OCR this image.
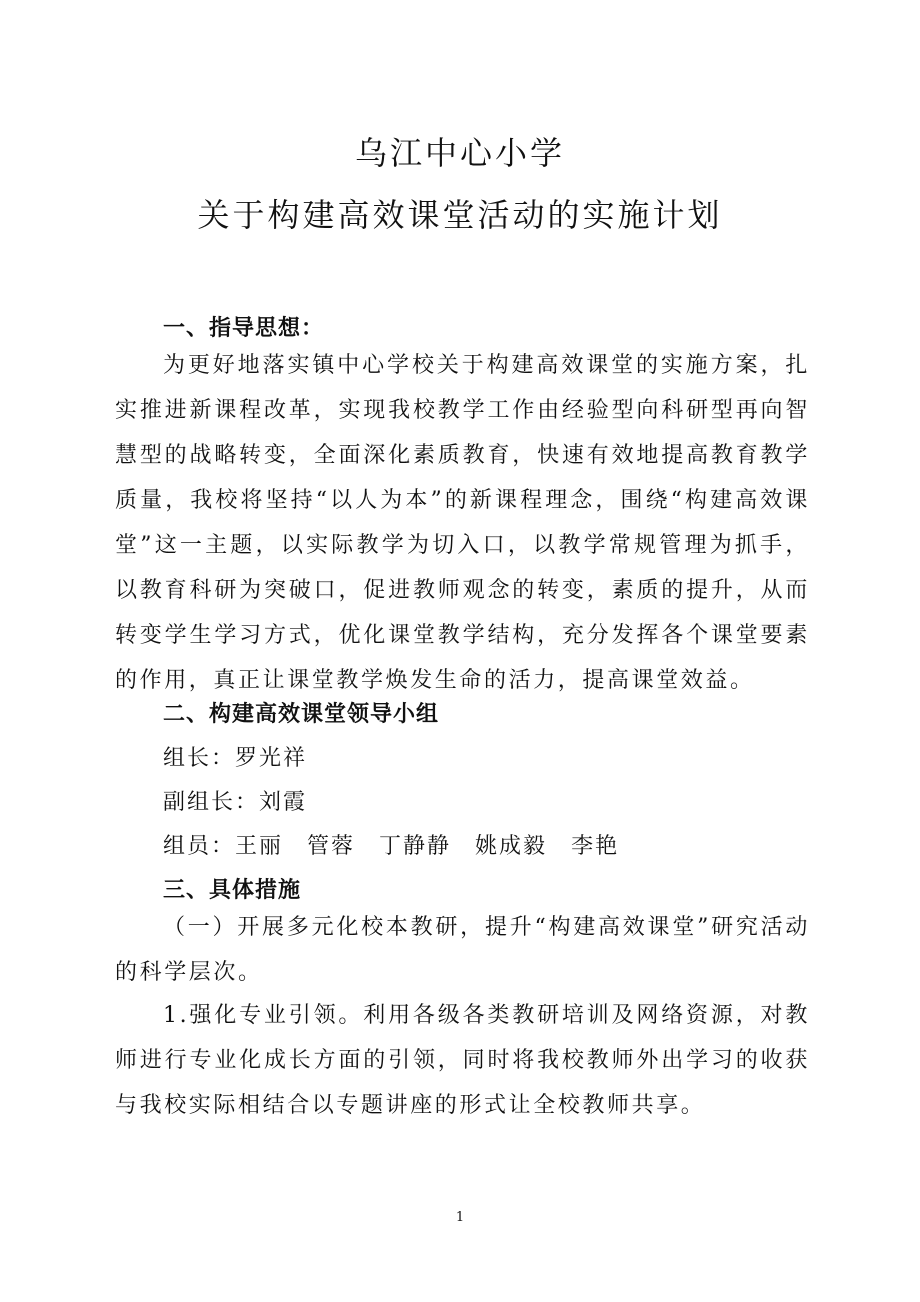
乌江中心小学
关于构建高效课堂活动的实施计划
一、指导思想：

为更好地落实镇中心学校关于构建高效课堂的实施方案，扎实推进新课程改革，实现我校教学工作由经验型向科研型再向智慧型的战略转变，全面深化素质教育，快速有效地提高教育教学质量，我校将坚持“以人为本”的新课程理念，围绕“构建高效课堂”这一主题，以实际教学为切入口，以教学常规管理为抓手，以教育科研为突破口，促进教师观念的转变，素质的提升，从而转变学生学习方式，优化课堂教学结构，充分发挥各个课堂要素的作用，真正让课堂教学焕发生命的活力，提高课堂效益。

二、构建高效课堂领导小组

组长：罗光祥

副组长：刘霞

组员：王丽 管蓉 丁静静 姚成毅 李艳

三、具体措施

（一）开展多元化校本教研，提升“构建高效课堂”研究活动的科学层次。

1.强化专业引领。利用各级各类教研培训及网络资源，对教师进行专业化成长方面的引领，同时将我校教师外出学习的收获与我校实际相结合以专题讲座的形式让全校教师共享。

1
